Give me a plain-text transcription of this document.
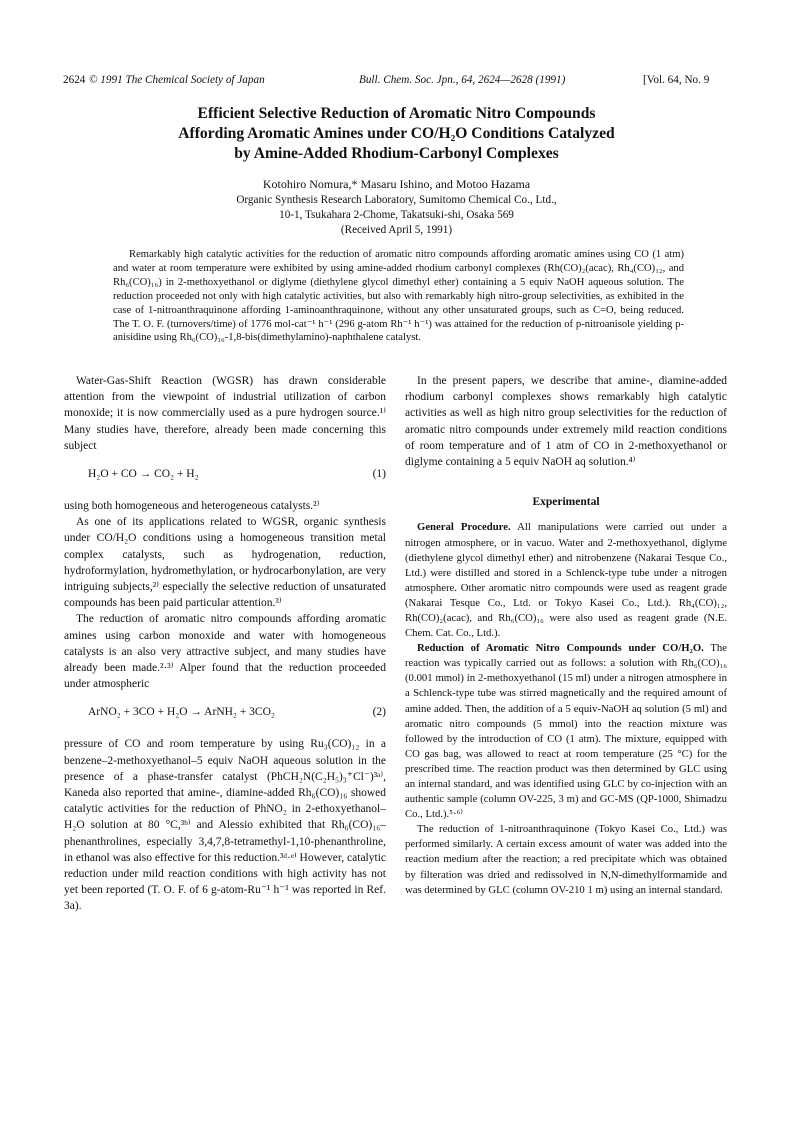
2624 © 1991 The Chemical Society of Japan	Bull. Chem. Soc. Jpn., 64, 2624—2628 (1991)	[Vol. 64, No. 9
Efficient Selective Reduction of Aromatic Nitro Compounds
Affording Aromatic Amines under CO/H₂O Conditions Catalyzed
by Amine-Added Rhodium-Carbonyl Complexes
Kotohiro Nomura,* Masaru Ishino, and Motoo Hazama
Organic Synthesis Research Laboratory, Sumitomo Chemical Co., Ltd.,
10-1, Tsukahara 2-Chome, Takatsuki-shi, Osaka 569
(Received April 5, 1991)
Remarkably high catalytic activities for the reduction of aromatic nitro compounds affording aromatic amines using CO (1 atm) and water at room temperature were exhibited by using amine-added rhodium carbonyl complexes (Rh(CO)₂(acac), Rh₄(CO)₁₂, and Rh₆(CO)₁₆) in 2-methoxyethanol or diglyme (diethylene glycol dimethyl ether) containing a 5 equiv NaOH aqueous solution. The reduction proceeded not only with high catalytic activities, but also with remarkably high nitro-group selectivities, as exhibited in the case of 1-nitroanthraquinone affording 1-aminoanthraquinone, without any other unsaturated groups, such as C=O, being reduced. The T. O. F. (turnovers/time) of 1776 mol-cat⁻¹ h⁻¹ (296 g-atom Rh⁻¹ h⁻¹) was attained for the reduction of p-nitroanisole yielding p-anisidine using Rh₆(CO)₁₆-1,8-bis(dimethylamino)-naphthalene catalyst.

Water-Gas-Shift Reaction (WGSR) has drawn considerable attention from the viewpoint of industrial utilization of carbon monoxide; it is now commercially used as a pure hydrogen source.¹⁾ Many studies have, therefore, already been made concerning this subject

H₂O + CO → CO₂ + H₂	(1)

using both homogeneous and heterogeneous catalysts.²⁾

As one of its applications related to WGSR, organic synthesis under CO/H₂O conditions using a homogeneous transition metal complex catalysts, such as hydrogenation, reduction, hydroformylation, hydromethylation, or hydrocarbonylation, are very intriguing subjects,²⁾ especially the selective reduction of unsaturated compounds has been paid particular attention.³⁾

The reduction of aromatic nitro compounds affording aromatic amines using carbon monoxide and water with homogeneous catalysts is an also very attractive subject, and many studies have already been made.²·³⁾ Alper found that the reduction proceeded under atmospheric

ArNO₂ + 3CO + H₂O → ArNH₂ + 3CO₂	(2)

pressure of CO and room temperature by using Ru₃(CO)₁₂ in a benzene–2-methoxyethanol–5 equiv NaOH aqueous solution in the presence of a phase-transfer catalyst (PhCH₂N(C₂H₅)₃⁺Cl⁻)³ᵃ⁾, Kaneda also reported that amine-, diamine-added Rh₆(CO)₁₆ showed catalytic activities for the reduction of PhNO₂ in 2-ethoxyethanol–H₂O solution at 80 °C,³ᵇ⁾ and Alessio exhibited that Rh₆(CO)₁₆–phenanthrolines, especially 3,4,7,8-tetramethyl-1,10-phenanthroline, in ethanol was also effective for this reduction.³ᵈ·ᵉ⁾ However, catalytic reduction under mild reaction conditions with high activity has not yet been reported (T. O. F. of 6 g-atom-Ru⁻¹ h⁻¹ was reported in Ref. 3a).

In the present papers, we describe that amine-, diamine-added rhodium carbonyl complexes shows remarkably high catalytic activities as well as high nitro group selectivities for the reduction of aromatic nitro compounds under extremely mild reaction conditions of room temperature and of 1 atm of CO in 2-methoxyethanol or diglyme containing a 5 equiv NaOH aq solution.⁴⁾

Experimental

General Procedure. All manipulations were carried out under a nitrogen atmosphere, or in vacuo. Water and 2-methoxyethanol, diglyme (diethylene glycol dimethyl ether) and nitrobenzene (Nakarai Tesque Co., Ltd.) were distilled and stored in a Schlenck-type tube under a nitrogen atmosphere. Other aromatic nitro compounds were used as reagent grade (Nakarai Tesque Co., Ltd. or Tokyo Kasei Co., Ltd.). Rh₄(CO)₁₂, Rh(CO)₂(acac), and Rh₆(CO)₁₆ were also used as reagent grade (N.E. Chem. Cat. Co., Ltd.).

Reduction of Aromatic Nitro Compounds under CO/H₂O. The reaction was typically carried out as follows: a solution with Rh₆(CO)₁₆ (0.001 mmol) in 2-methoxyethanol (15 ml) under a nitrogen atmosphere in a Schlenck-type tube was stirred magnetically and the required amount of amine added. Then, the addition of a 5 equiv-NaOH aq solution (5 ml) and aromatic nitro compounds (5 mmol) into the reaction mixture was followed by the introduction of CO (1 atm). The mixture, equipped with CO gas bag, was allowed to react at room temperature (25 °C) for the prescribed time. The reaction product was then determined by GLC using an internal standard, and was identified using GLC by co-injection with an authentic sample (column OV-225, 3 m) and GC-MS (QP-1000, Shimadzu Co., Ltd.).⁵·⁶⁾

The reduction of 1-nitroanthraquinone (Tokyo Kasei Co., Ltd.) was performed similarly. A certain excess amount of water was added into the reaction medium after the reaction; a red precipitate which was obtained by filteration was dried and redissolved in N,N-dimethylformamide and was determined by GLC (column OV-210 1 m) using an internal standard.
